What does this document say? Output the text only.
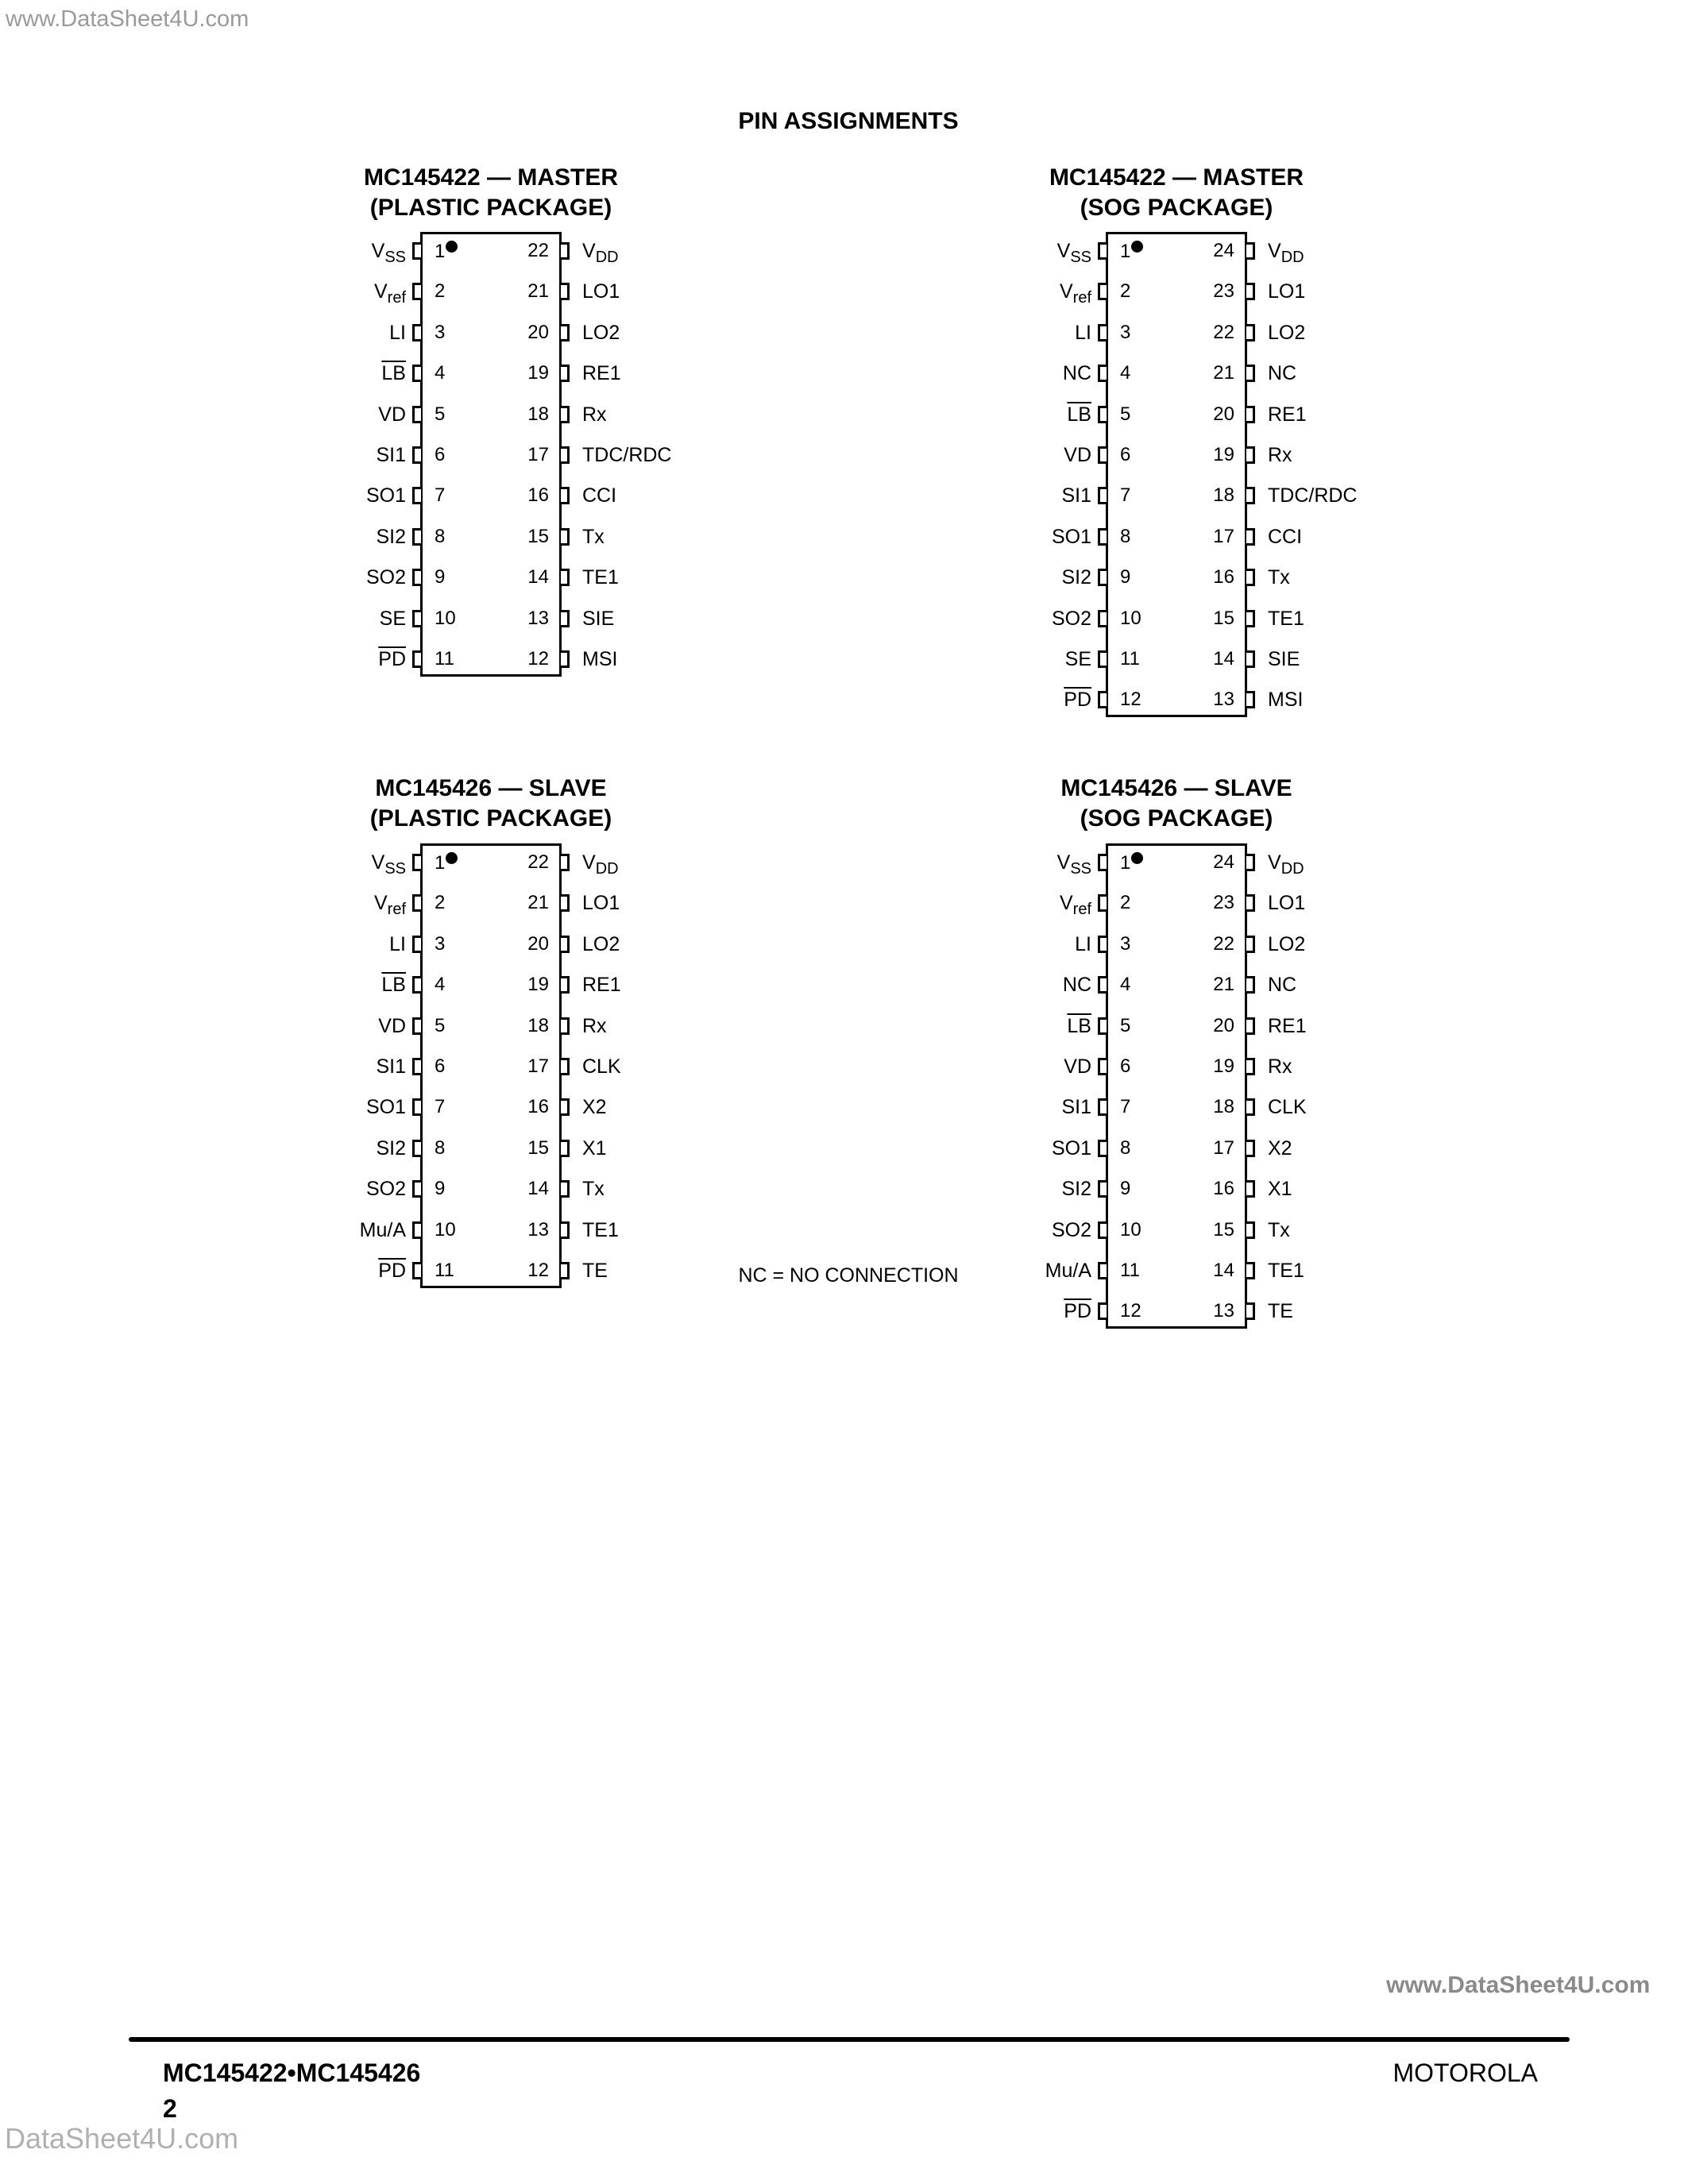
www.DataSheet4U.com
PIN ASSIGNMENTS
MC145422 — MASTER
(PLASTIC PACKAGE)
$V_{SS}$ 1
$V_{ref}$ 2
LI 3
$\overline{LB}$ 4
VD 5
SI1 6
SO1 7
SI2 8
SO2 9
SE 10
$\overline{PD}$ 11
22 $V_{DD}$
21 LO1
20 LO2
19 RE1
18 Rx
17 TDC/RDC
16 CCI
15 Tx
14 TE1
13 SIE
12 MSI
MC145422 — MASTER
(SOG PACKAGE)
$V_{SS}$ 1
$V_{ref}$ 2
LI 3
NC 4
$\overline{LB}$ 5
VD 6
SI1 7
SO1 8
SI2 9
SO2 10
SE 11
$\overline{PD}$ 12
24 $V_{DD}$
23 LO1
22 LO2
21 NC
20 RE1
19 Rx
18 TDC/RDC
17 CCI
16 Tx
15 TE1
14 SIE
13 MSI
MC145426 — SLAVE
(PLASTIC PACKAGE)
$V_{SS}$ 1
$V_{ref}$ 2
LI 3
$\overline{LB}$ 4
VD 5
SI1 6
SO1 7
SI2 8
SO2 9
Mu/A 10
$\overline{PD}$ 11
22 $V_{DD}$
21 LO1
20 LO2
19 RE1
18 Rx
17 CLK
16 X2
15 X1
14 Tx
13 TE1
12 TE
MC145426 — SLAVE
(SOG PACKAGE)
$V_{SS}$ 1
$V_{ref}$ 2
LI 3
NC 4
$\overline{LB}$ 5
VD 6
SI1 7
SO1 8
SI2 9
SO2 10
Mu/A 11
$\overline{PD}$ 12
24 $V_{DD}$
23 LO1
22 LO2
21 NC
20 RE1
19 Rx
18 CLK
17 X2
16 X1
15 Tx
14 TE1
13 TE
NC = NO CONNECTION
www.DataSheet4U.com
MC145422•MC145426
2
MOTOROLA
DataSheet4U.com
